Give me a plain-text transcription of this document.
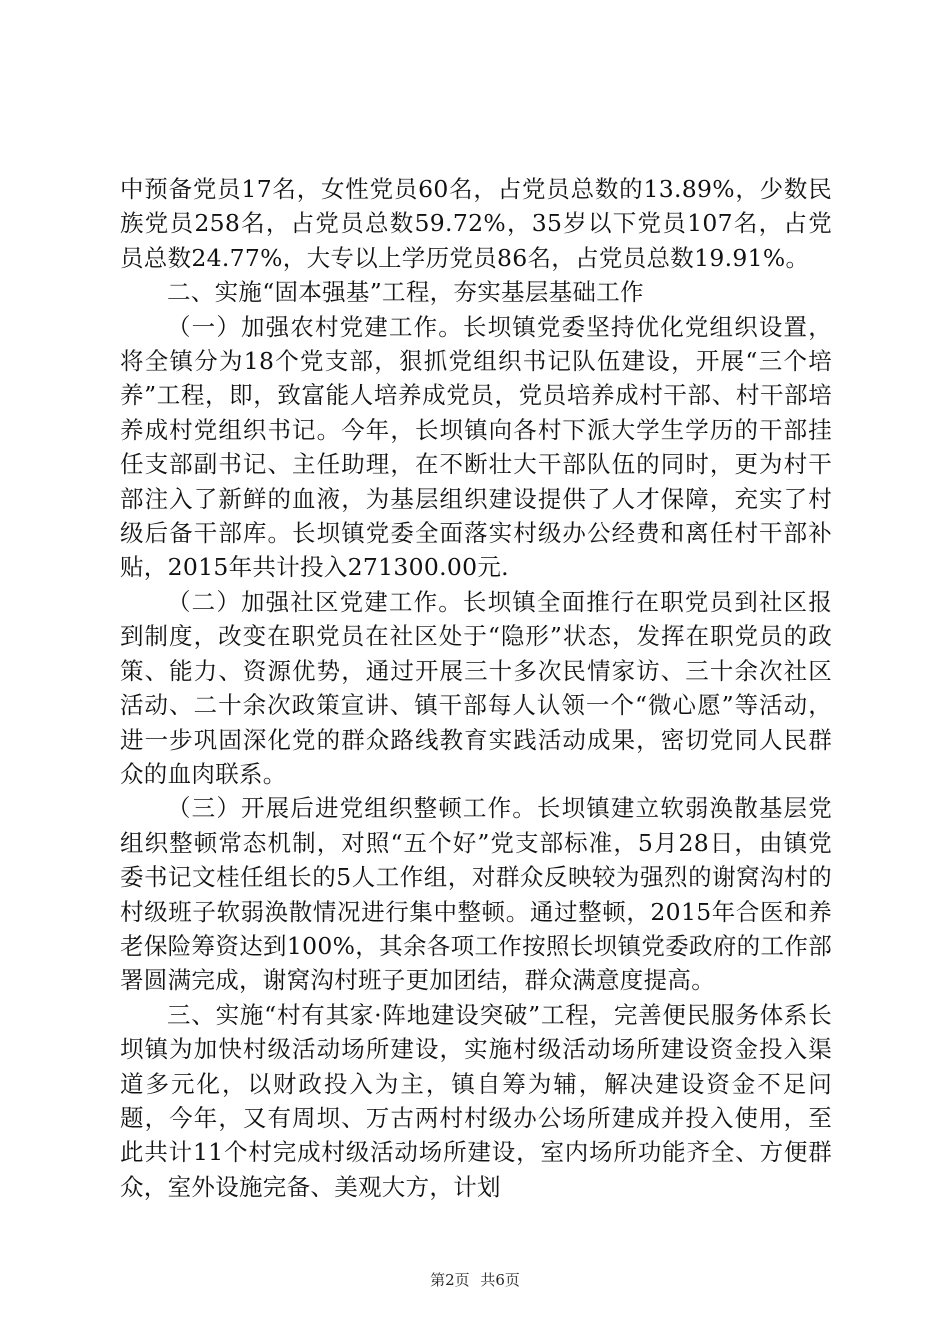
中预备党员17名，女性党员60名，占党员总数的13.89%，少数民族党员258名，占党员总数59.72%，35岁以下党员107名，占党员总数24.77%，大专以上学历党员86名，占党员总数19.91%。

二、实施“固本强基”工程，夯实基层基础工作

（一）加强农村党建工作。长坝镇党委坚持优化党组织设置，将全镇分为18个党支部，狠抓党组织书记队伍建设，开展“三个培养”工程，即，致富能人培养成党员，党员培养成村干部、村干部培养成村党组织书记。今年，长坝镇向各村下派大学生学历的干部挂任支部副书记、主任助理，在不断壮大干部队伍的同时，更为村干部注入了新鲜的血液，为基层组织建设提供了人才保障，充实了村级后备干部库。长坝镇党委全面落实村级办公经费和离任村干部补贴，2015年共计投入271300.00元.

（二）加强社区党建工作。长坝镇全面推行在职党员到社区报到制度，改变在职党员在社区处于“隐形”状态，发挥在职党员的政策、能力、资源优势，通过开展三十多次民情家访、三十余次社区活动、二十余次政策宣讲、镇干部每人认领一个“微心愿”等活动，进一步巩固深化党的群众路线教育实践活动成果，密切党同人民群众的血肉联系。

（三）开展后进党组织整顿工作。长坝镇建立软弱涣散基层党组织整顿常态机制，对照“五个好”党支部标准，5月28日，由镇党委书记文桂任组长的5人工作组，对群众反映较为强烈的谢窝沟村的村级班子软弱涣散情况进行集中整顿。通过整顿，2015年合医和养老保险筹资达到100%，其余各项工作按照长坝镇党委政府的工作部署圆满完成，谢窝沟村班子更加团结，群众满意度提高。

三、实施“村有其家·阵地建设突破”工程，完善便民服务体系长坝镇为加快村级活动场所建设，实施村级活动场所建设资金投入渠道多元化，以财政投入为主，镇自筹为辅，解决建设资金不足问题，今年，又有周坝、万古两村村级办公场所建成并投入使用，至此共计11个村完成村级活动场所建设，室内场所功能齐全、方便群众，室外设施完备、美观大方，计划

第2页 共6页
